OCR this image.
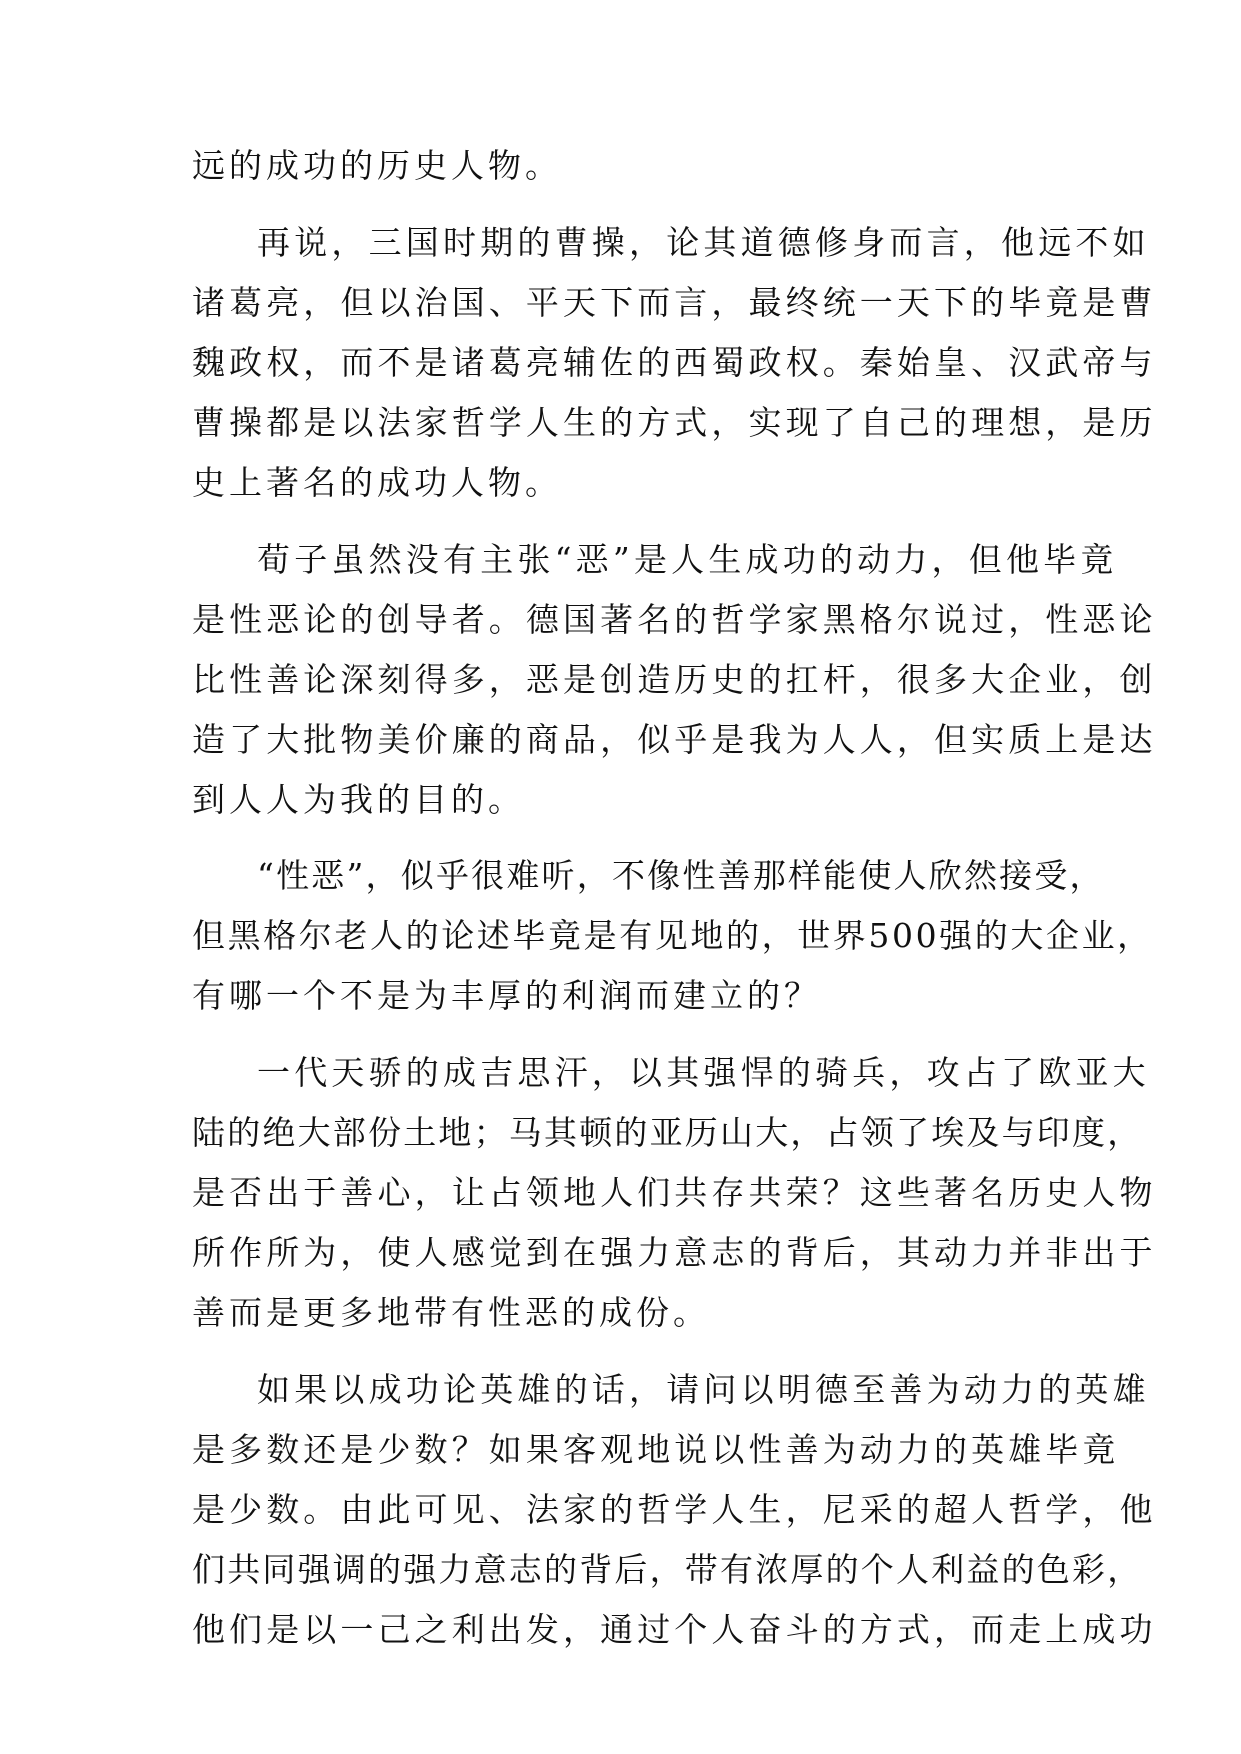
远的成功的历史人物。

再说，三国时期的曹操，论其道德修身而言，他远不如

诸葛亮，但以治国、平天下而言，最终统一天下的毕竟是曹

魏政权，而不是诸葛亮辅佐的西蜀政权。秦始皇、汉武帝与

曹操都是以法家哲学人生的方式，实现了自己的理想，是历

史上著名的成功人物。

荀子虽然没有主张“恶”是人生成功的动力，但他毕竟

是性恶论的创导者。德国著名的哲学家黑格尔说过，性恶论

比性善论深刻得多，恶是创造历史的扛杆，很多大企业，创

造了大批物美价廉的商品，似乎是我为人人，但实质上是达

到人人为我的目的。

“性恶”，似乎很难听，不像性善那样能使人欣然接受，

但黑格尔老人的论述毕竟是有见地的，世界500强的大企业，

有哪一个不是为丰厚的利润而建立的？

一代天骄的成吉思汗，以其强悍的骑兵，攻占了欧亚大

陆的绝大部份土地；马其顿的亚历山大，占领了埃及与印度，

是否出于善心，让占领地人们共存共荣？这些著名历史人物

所作所为，使人感觉到在强力意志的背后，其动力并非出于

善而是更多地带有性恶的成份。

如果以成功论英雄的话，请问以明德至善为动力的英雄

是多数还是少数？如果客观地说以性善为动力的英雄毕竟

是少数。由此可见、法家的哲学人生，尼采的超人哲学，他

们共同强调的强力意志的背后，带有浓厚的个人利益的色彩，

他们是以一己之利出发，通过个人奋斗的方式，而走上成功
